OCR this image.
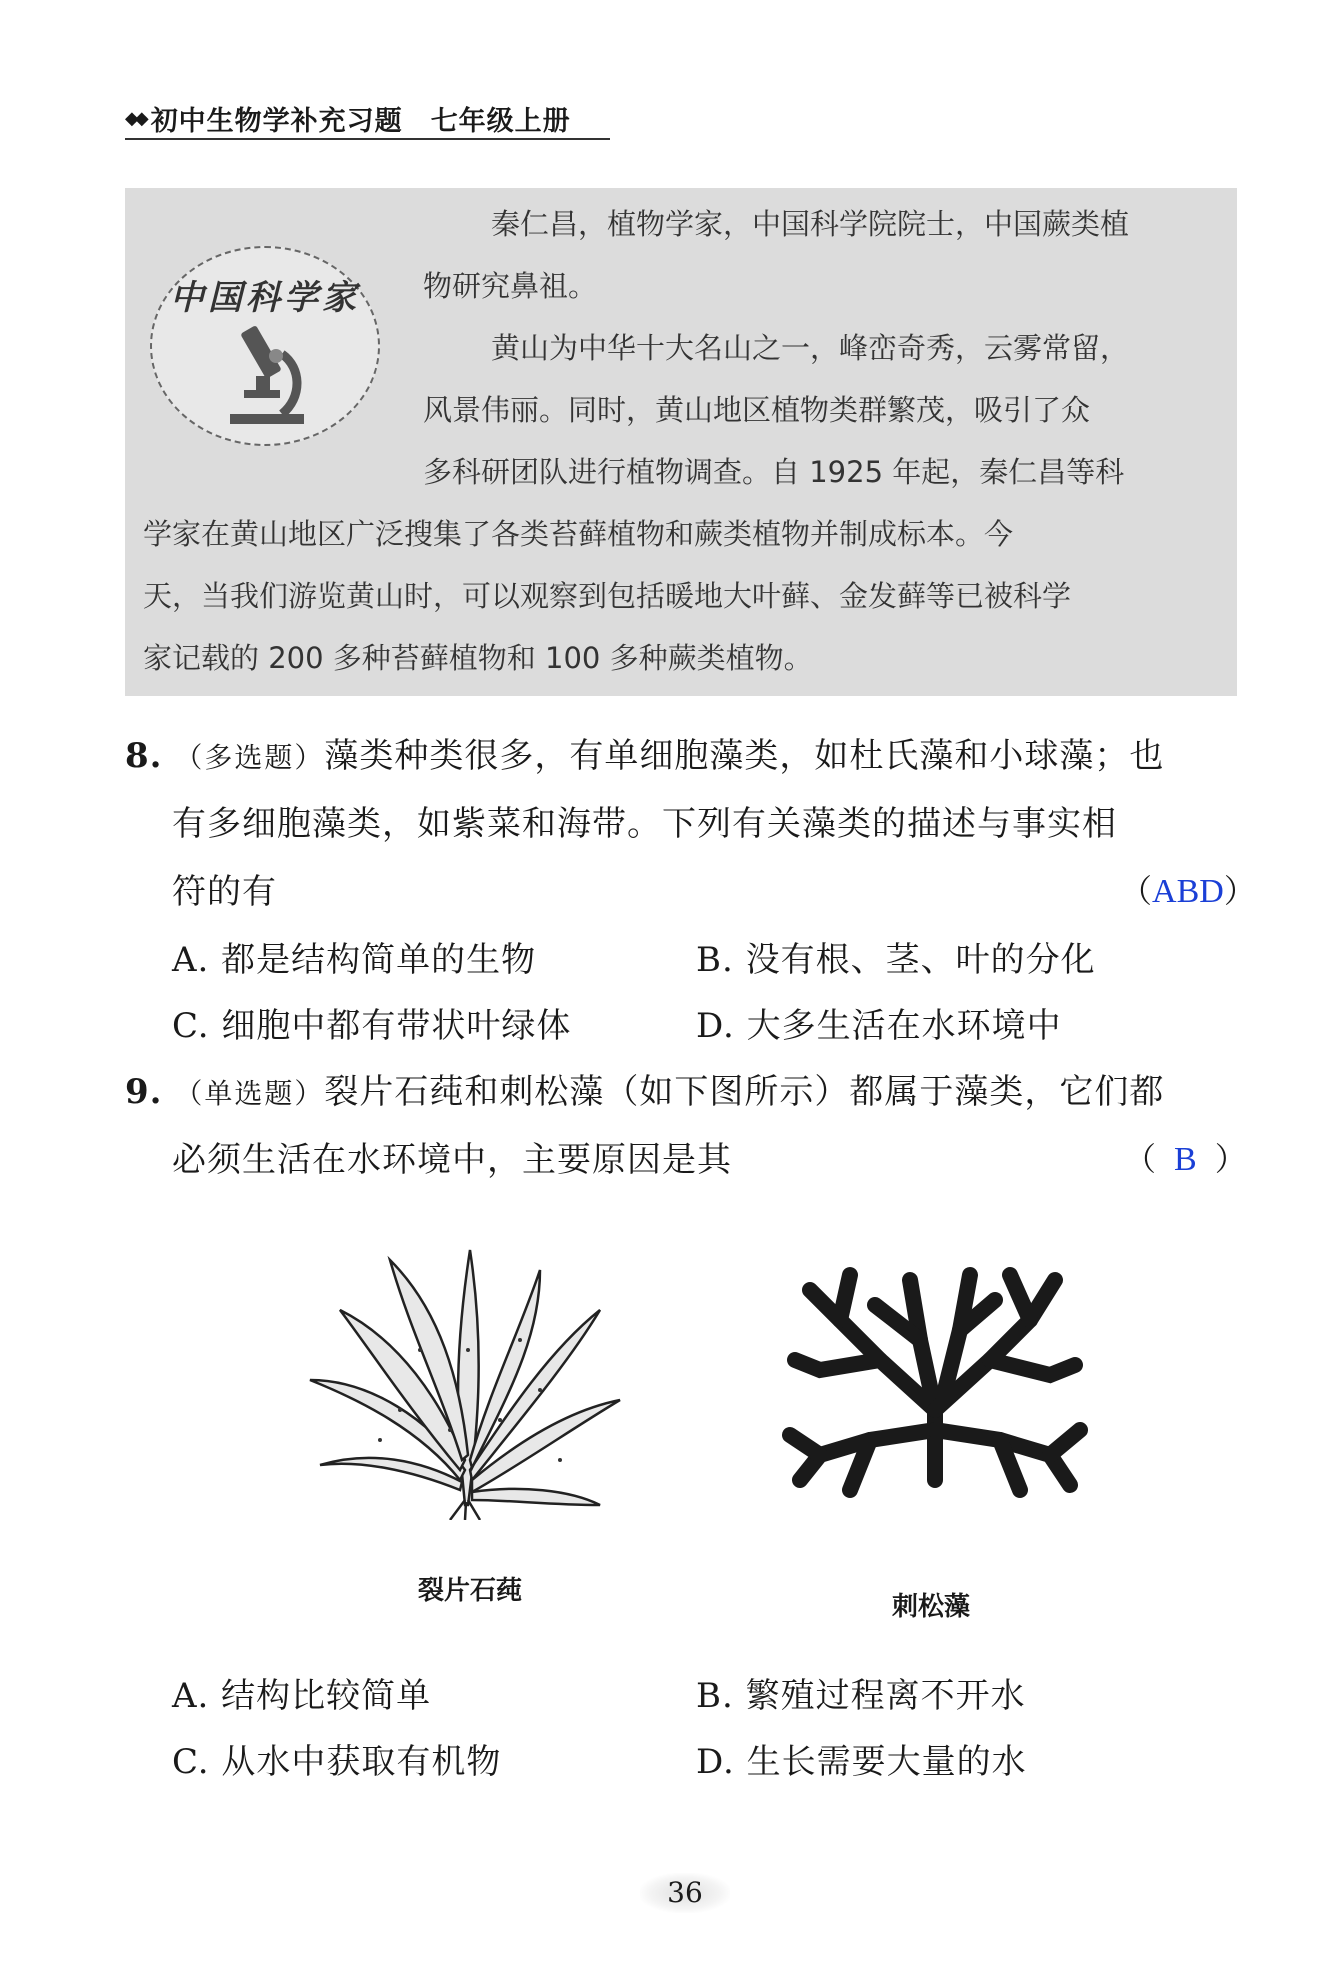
◆◆ 初中生物学补充习题 七年级上册
中国科学家
秦仁昌，植物学家，中国科学院院士，中国蕨类植
物研究鼻祖。
黄山为中华十大名山之一，峰峦奇秀，云雾常留，
风景伟丽。同时，黄山地区植物类群繁茂，吸引了众
多科研团队进行植物调查。自 1925 年起，秦仁昌等科
学家在黄山地区广泛搜集了各类苔藓植物和蕨类植物并制成标本。今
天，当我们游览黄山时，可以观察到包括暖地大叶藓、金发藓等已被科学
家记载的 200 多种苔藓植物和 100 多种蕨类植物。
8. （多选题）藻类种类很多，有单细胞藻类，如杜氏藻和小球藻；也
有多细胞藻类，如紫菜和海带。下列有关藻类的描述与事实相
符的有	（ABD）
A. 都是结构简单的生物	B. 没有根、茎、叶的分化
C. 细胞中都有带状叶绿体	D. 大多生活在水环境中
9. （单选题）裂片石莼和刺松藻（如下图所示）都属于藻类，它们都
必须生活在水环境中，主要原因是其	（ B ）
裂片石莼
刺松藻
A. 结构比较简单	B. 繁殖过程离不开水
C. 从水中获取有机物	D. 生长需要大量的水
36
